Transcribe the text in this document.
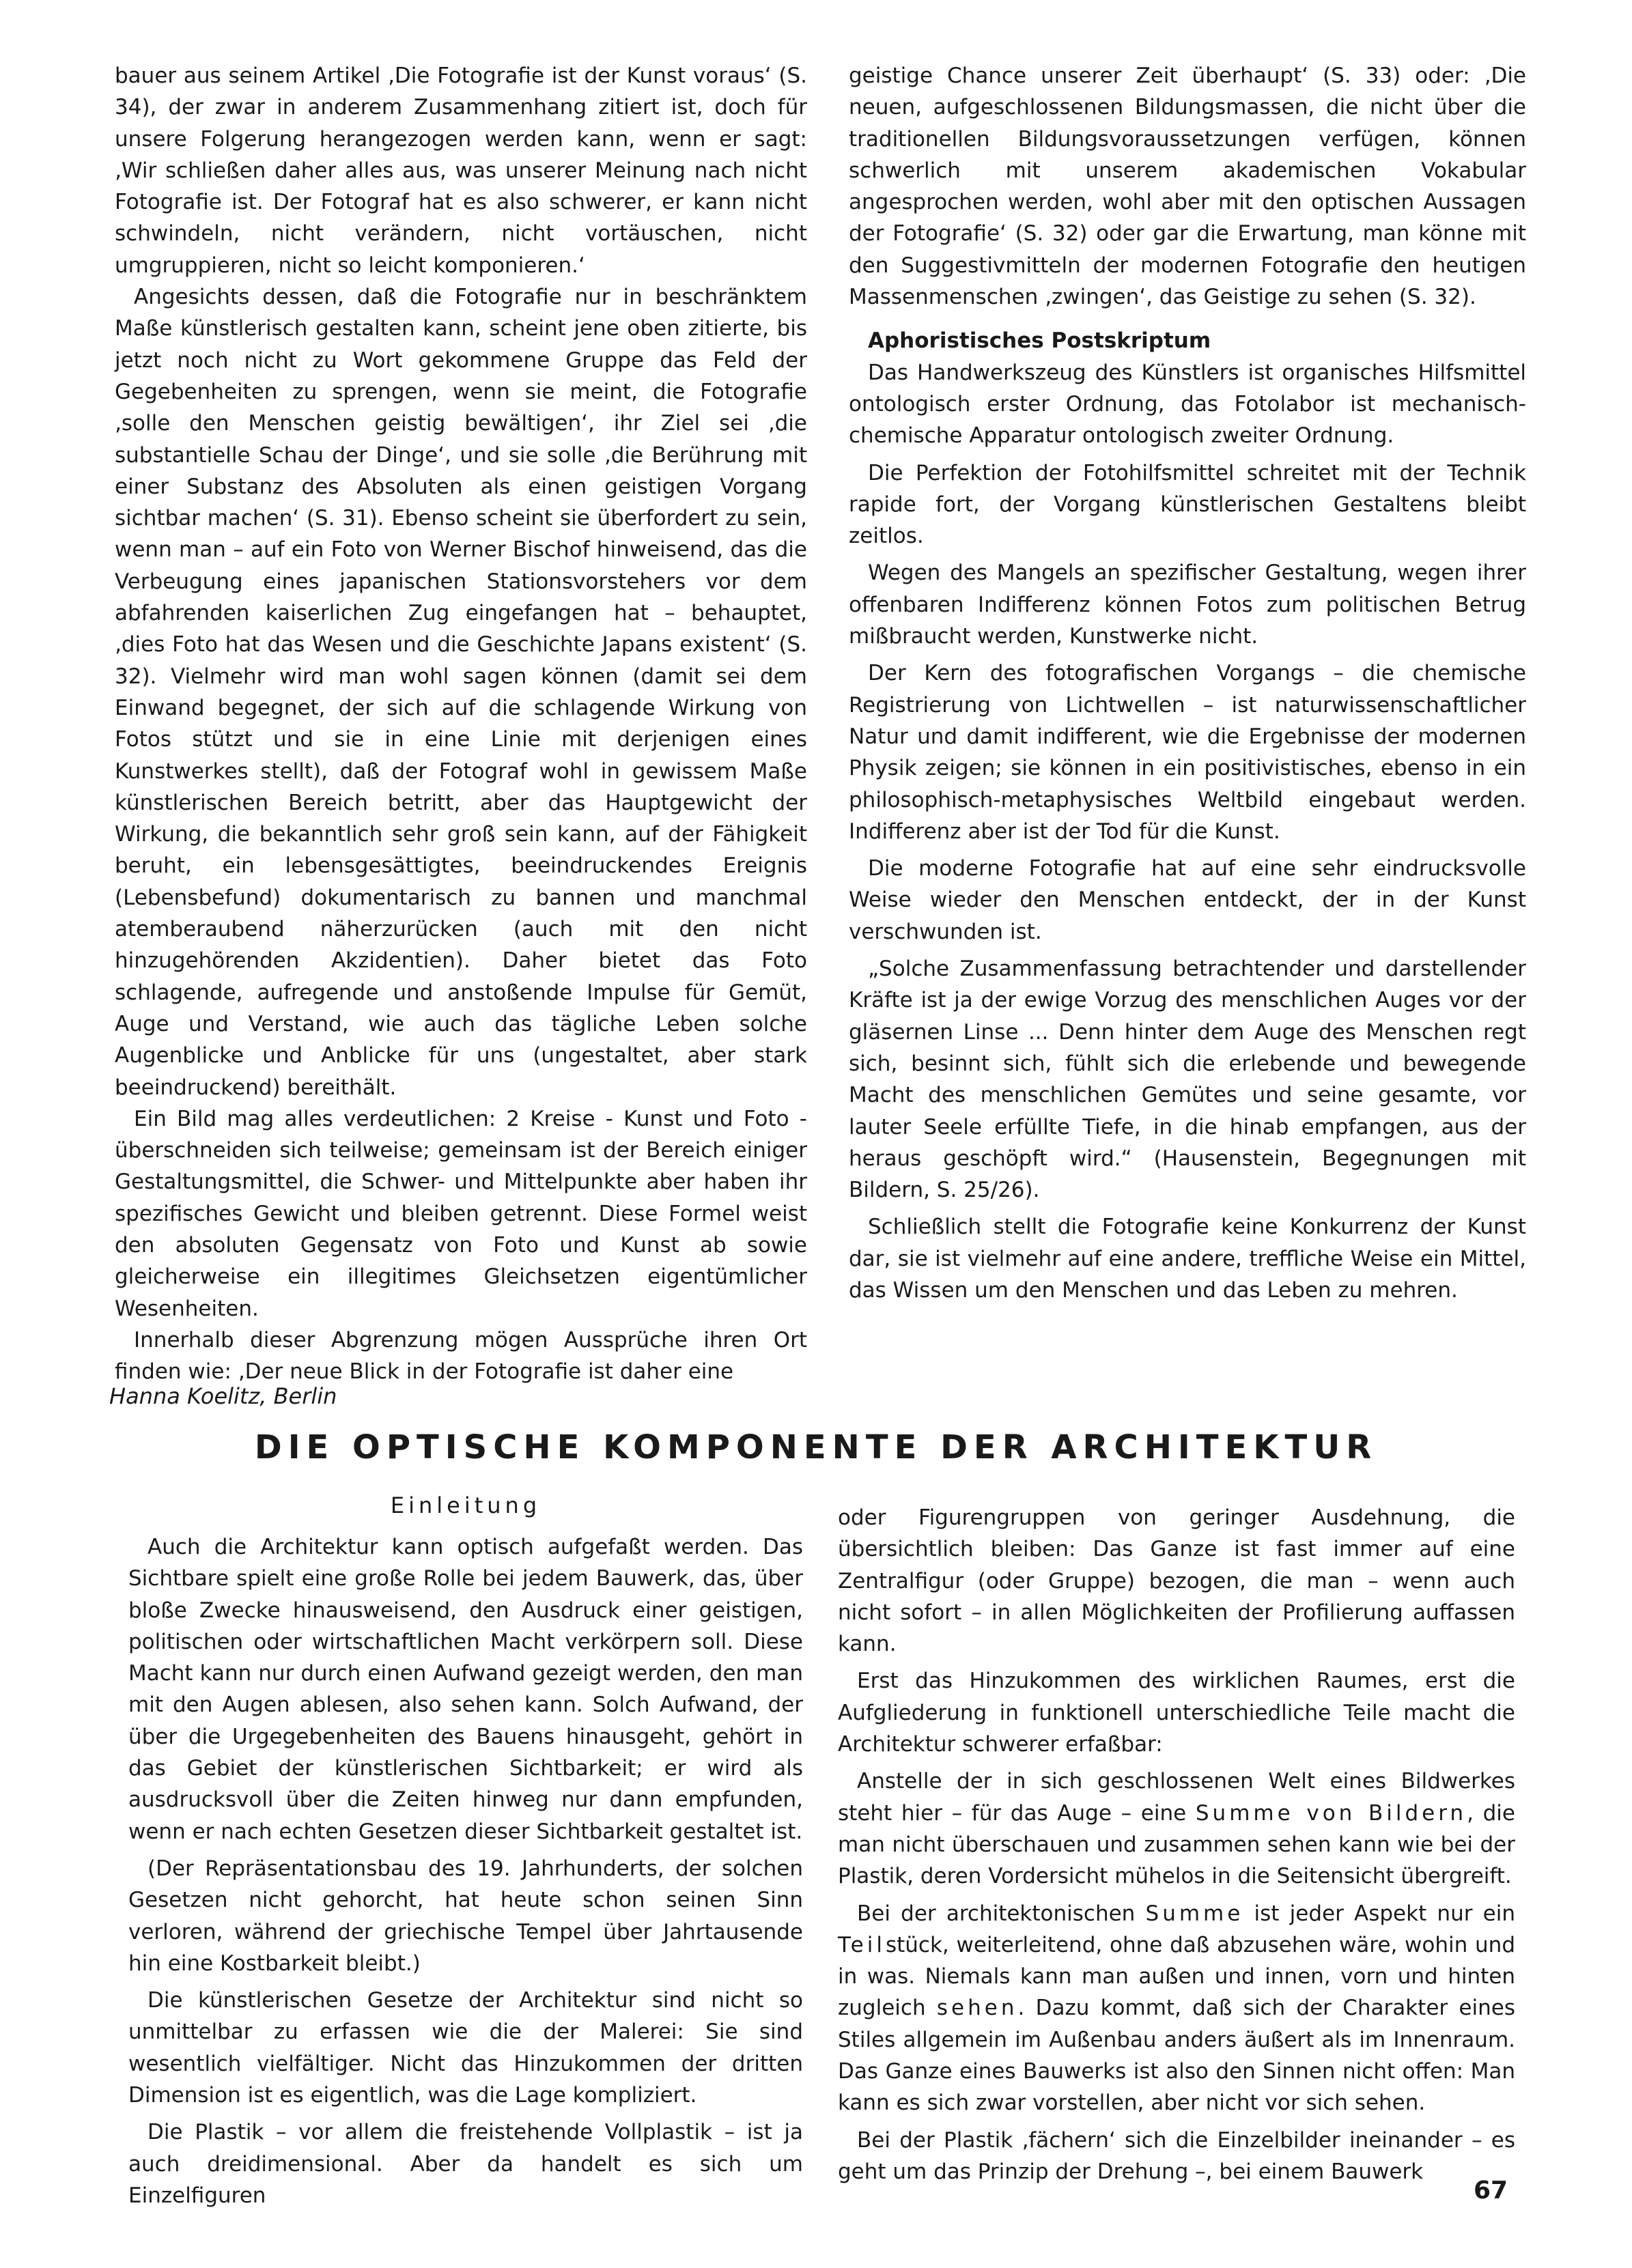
bauer aus seinem Artikel ‚Die Fotografie ist der Kunst voraus‘ (S. 34), der zwar in anderem Zusammenhang zitiert ist, doch für unsere Folgerung herangezogen werden kann, wenn er sagt: ‚Wir schließen daher alles aus, was unserer Meinung nach nicht Fotografie ist. Der Fotograf hat es also schwerer, er kann nicht schwindeln, nicht verändern, nicht vortäuschen, nicht umgruppieren, nicht so leicht komponieren.‘

Angesichts dessen, daß die Fotografie nur in beschränktem Maße künstlerisch gestalten kann, scheint jene oben zitierte, bis jetzt noch nicht zu Wort gekommene Gruppe das Feld der Gegebenheiten zu sprengen, wenn sie meint, die Fotografie ‚solle den Menschen geistig bewältigen‘, ihr Ziel sei ‚die substantielle Schau der Dinge‘, und sie solle ‚die Berührung mit einer Substanz des Absoluten als einen geistigen Vorgang sichtbar machen‘ (S. 31). Ebenso scheint sie überfordert zu sein, wenn man – auf ein Foto von Werner Bischof hinweisend, das die Verbeugung eines japanischen Stationsvorstehers vor dem abfahrenden kaiserlichen Zug eingefangen hat – behauptet, ‚dies Foto hat das Wesen und die Geschichte Japans existent‘ (S. 32). Vielmehr wird man wohl sagen können (damit sei dem Einwand begegnet, der sich auf die schlagende Wirkung von Fotos stützt und sie in eine Linie mit derjenigen eines Kunstwerkes stellt), daß der Fotograf wohl in gewissem Maße künstlerischen Bereich betritt, aber das Hauptgewicht der Wirkung, die bekanntlich sehr groß sein kann, auf der Fähigkeit beruht, ein lebensgesättigtes, beeindruckendes Ereignis (Lebensbefund) dokumentarisch zu bannen und manchmal atemberaubend näherzurücken (auch mit den nicht hinzugehörenden Akzidentien). Daher bietet das Foto schlagende, aufregende und anstoßende Impulse für Gemüt, Auge und Verstand, wie auch das tägliche Leben solche Augenblicke und Anblicke für uns (ungestaltet, aber stark beeindruckend) bereithält.

Ein Bild mag alles verdeutlichen: 2 Kreise - Kunst und Foto - überschneiden sich teilweise; gemeinsam ist der Bereich einiger Gestaltungsmittel, die Schwer- und Mittelpunkte aber haben ihr spezifisches Gewicht und bleiben getrennt. Diese Formel weist den absoluten Gegensatz von Foto und Kunst ab sowie gleicherweise ein illegitimes Gleichsetzen eigentümlicher Wesenheiten.

Innerhalb dieser Abgrenzung mögen Aussprüche ihren Ort finden wie: ‚Der neue Blick in der Fotografie ist daher eine

geistige Chance unserer Zeit überhaupt‘ (S. 33) oder: ‚Die neuen, aufgeschlossenen Bildungsmassen, die nicht über die traditionellen Bildungsvoraussetzungen verfügen, können schwerlich mit unserem akademischen Vokabular angesprochen werden, wohl aber mit den optischen Aussagen der Fotografie‘ (S. 32) oder gar die Erwartung, man könne mit den Suggestivmitteln der modernen Fotografie den heutigen Massenmenschen ‚zwingen‘, das Geistige zu sehen (S. 32).

Aphoristisches Postskriptum

Das Handwerkszeug des Künstlers ist organisches Hilfsmittel ontologisch erster Ordnung, das Fotolabor ist mechanisch-chemische Apparatur ontologisch zweiter Ordnung.

Die Perfektion der Fotohilfsmittel schreitet mit der Technik rapide fort, der Vorgang künstlerischen Gestaltens bleibt zeitlos.

Wegen des Mangels an spezifischer Gestaltung, wegen ihrer offenbaren Indifferenz können Fotos zum politischen Betrug mißbraucht werden, Kunstwerke nicht.

Der Kern des fotografischen Vorgangs – die chemische Registrierung von Lichtwellen – ist naturwissenschaftlicher Natur und damit indifferent, wie die Ergebnisse der modernen Physik zeigen; sie können in ein positivistisches, ebenso in ein philosophisch-metaphysisches Weltbild eingebaut werden. Indifferenz aber ist der Tod für die Kunst.

Die moderne Fotografie hat auf eine sehr eindrucksvolle Weise wieder den Menschen entdeckt, der in der Kunst verschwunden ist.

„Solche Zusammenfassung betrachtender und darstellender Kräfte ist ja der ewige Vorzug des menschlichen Auges vor der gläsernen Linse ... Denn hinter dem Auge des Menschen regt sich, besinnt sich, fühlt sich die erlebende und bewegende Macht des menschlichen Gemütes und seine gesamte, vor lauter Seele erfüllte Tiefe, in die hinab empfangen, aus der heraus geschöpft wird.“ (Hausenstein, Begegnungen mit Bildern, S. 25/26).

Schließlich stellt die Fotografie keine Konkurrenz der Kunst dar, sie ist vielmehr auf eine andere, treffliche Weise ein Mittel, das Wissen um den Menschen und das Leben zu mehren.

Hanna Koelitz, Berlin
DIE OPTISCHE KOMPONENTE DER ARCHITEKTUR
Einleitung

Auch die Architektur kann optisch aufgefaßt werden. Das Sichtbare spielt eine große Rolle bei jedem Bauwerk, das, über bloße Zwecke hinausweisend, den Ausdruck einer geistigen, politischen oder wirtschaftlichen Macht verkörpern soll. Diese Macht kann nur durch einen Aufwand gezeigt werden, den man mit den Augen ablesen, also sehen kann. Solch Aufwand, der über die Urgegebenheiten des Bauens hinausgeht, gehört in das Gebiet der künstlerischen Sichtbarkeit; er wird als ausdrucksvoll über die Zeiten hinweg nur dann empfunden, wenn er nach echten Gesetzen dieser Sichtbarkeit gestaltet ist.

(Der Repräsentationsbau des 19. Jahrhunderts, der solchen Gesetzen nicht gehorcht, hat heute schon seinen Sinn verloren, während der griechische Tempel über Jahrtausende hin eine Kostbarkeit bleibt.)

Die künstlerischen Gesetze der Architektur sind nicht so unmittelbar zu erfassen wie die der Malerei: Sie sind wesentlich vielfältiger. Nicht das Hinzukommen der dritten Dimension ist es eigentlich, was die Lage kompliziert.

Die Plastik – vor allem die freistehende Vollplastik – ist ja auch dreidimensional. Aber da handelt es sich um Einzelfiguren

oder Figurengruppen von geringer Ausdehnung, die übersichtlich bleiben: Das Ganze ist fast immer auf eine Zentralfigur (oder Gruppe) bezogen, die man – wenn auch nicht sofort – in allen Möglichkeiten der Profilierung auffassen kann.

Erst das Hinzukommen des wirklichen Raumes, erst die Aufgliederung in funktionell unterschiedliche Teile macht die Architektur schwerer erfaßbar:

Anstelle der in sich geschlossenen Welt eines Bildwerkes steht hier – für das Auge – eine Summe von Bildern, die man nicht überschauen und zusammen sehen kann wie bei der Plastik, deren Vordersicht mühelos in die Seitensicht übergreift.

Bei der architektonischen Summe ist jeder Aspekt nur ein Teilstück, weiterleitend, ohne daß abzusehen wäre, wohin und in was. Niemals kann man außen und innen, vorn und hinten zugleich sehen. Dazu kommt, daß sich der Charakter eines Stiles allgemein im Außenbau anders äußert als im Innenraum. Das Ganze eines Bauwerks ist also den Sinnen nicht offen: Man kann es sich zwar vorstellen, aber nicht vor sich sehen.

Bei der Plastik ‚fächern‘ sich die Einzelbilder ineinander – es geht um das Prinzip der Drehung –, bei einem Bauwerk

67
